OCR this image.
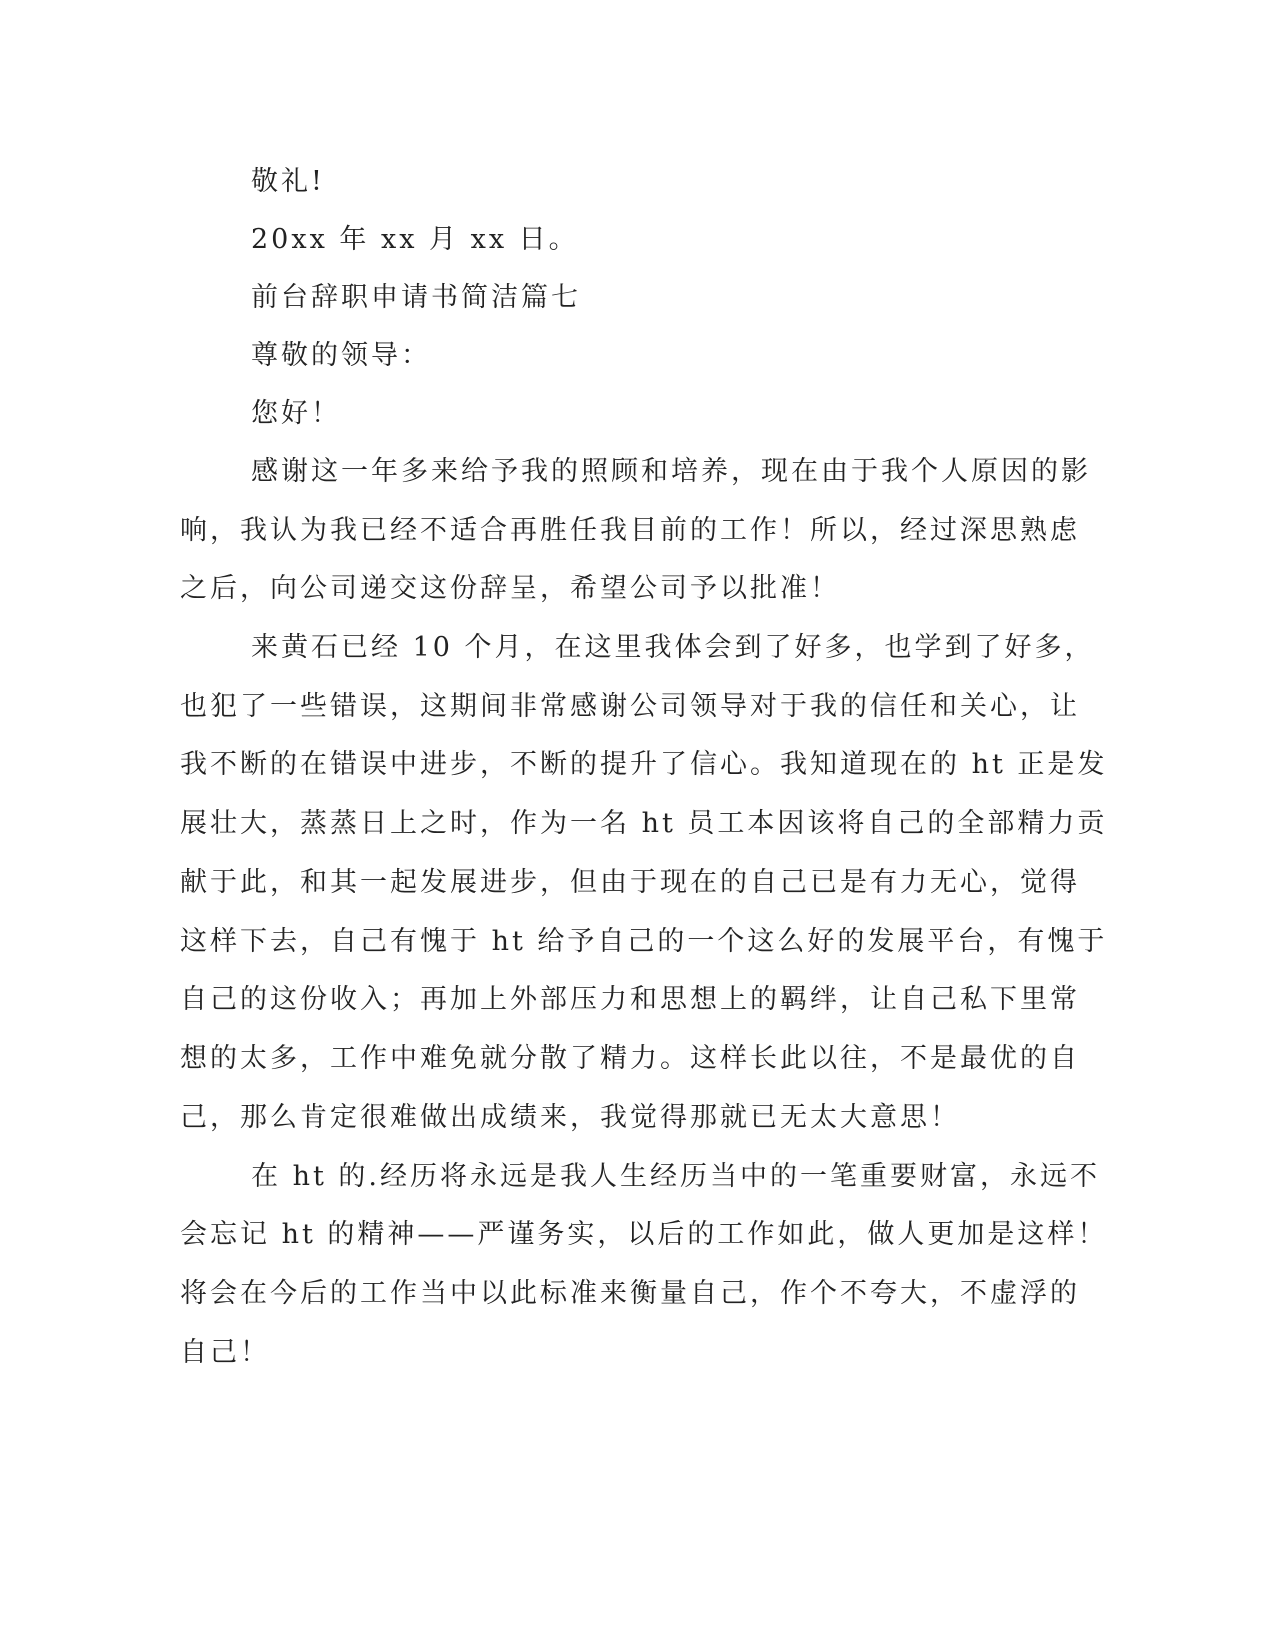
敬礼!

20xx 年 xx 月 xx 日。

前台辞职申请书简洁篇七

尊敬的领导：

您好！

感谢这一年多来给予我的照顾和培养，现在由于我个人原因的影

响，我认为我已经不适合再胜任我目前的工作！所以，经过深思熟虑

之后，向公司递交这份辞呈，希望公司予以批准！

来黄石已经 10 个月，在这里我体会到了好多，也学到了好多，

也犯了一些错误，这期间非常感谢公司领导对于我的信任和关心，让

我不断的在错误中进步，不断的提升了信心。我知道现在的 ht 正是发

展壮大，蒸蒸日上之时，作为一名 ht 员工本因该将自己的全部精力贡

献于此，和其一起发展进步，但由于现在的自己已是有力无心，觉得

这样下去，自己有愧于 ht 给予自己的一个这么好的发展平台，有愧于

自己的这份收入；再加上外部压力和思想上的羁绊，让自己私下里常

想的太多，工作中难免就分散了精力。这样长此以往，不是最优的自

己，那么肯定很难做出成绩来，我觉得那就已无太大意思！

在 ht 的.经历将永远是我人生经历当中的一笔重要财富，永远不

会忘记 ht 的精神——严谨务实，以后的工作如此，做人更加是这样！

将会在今后的工作当中以此标准来衡量自己，作个不夸大，不虚浮的

自己！
